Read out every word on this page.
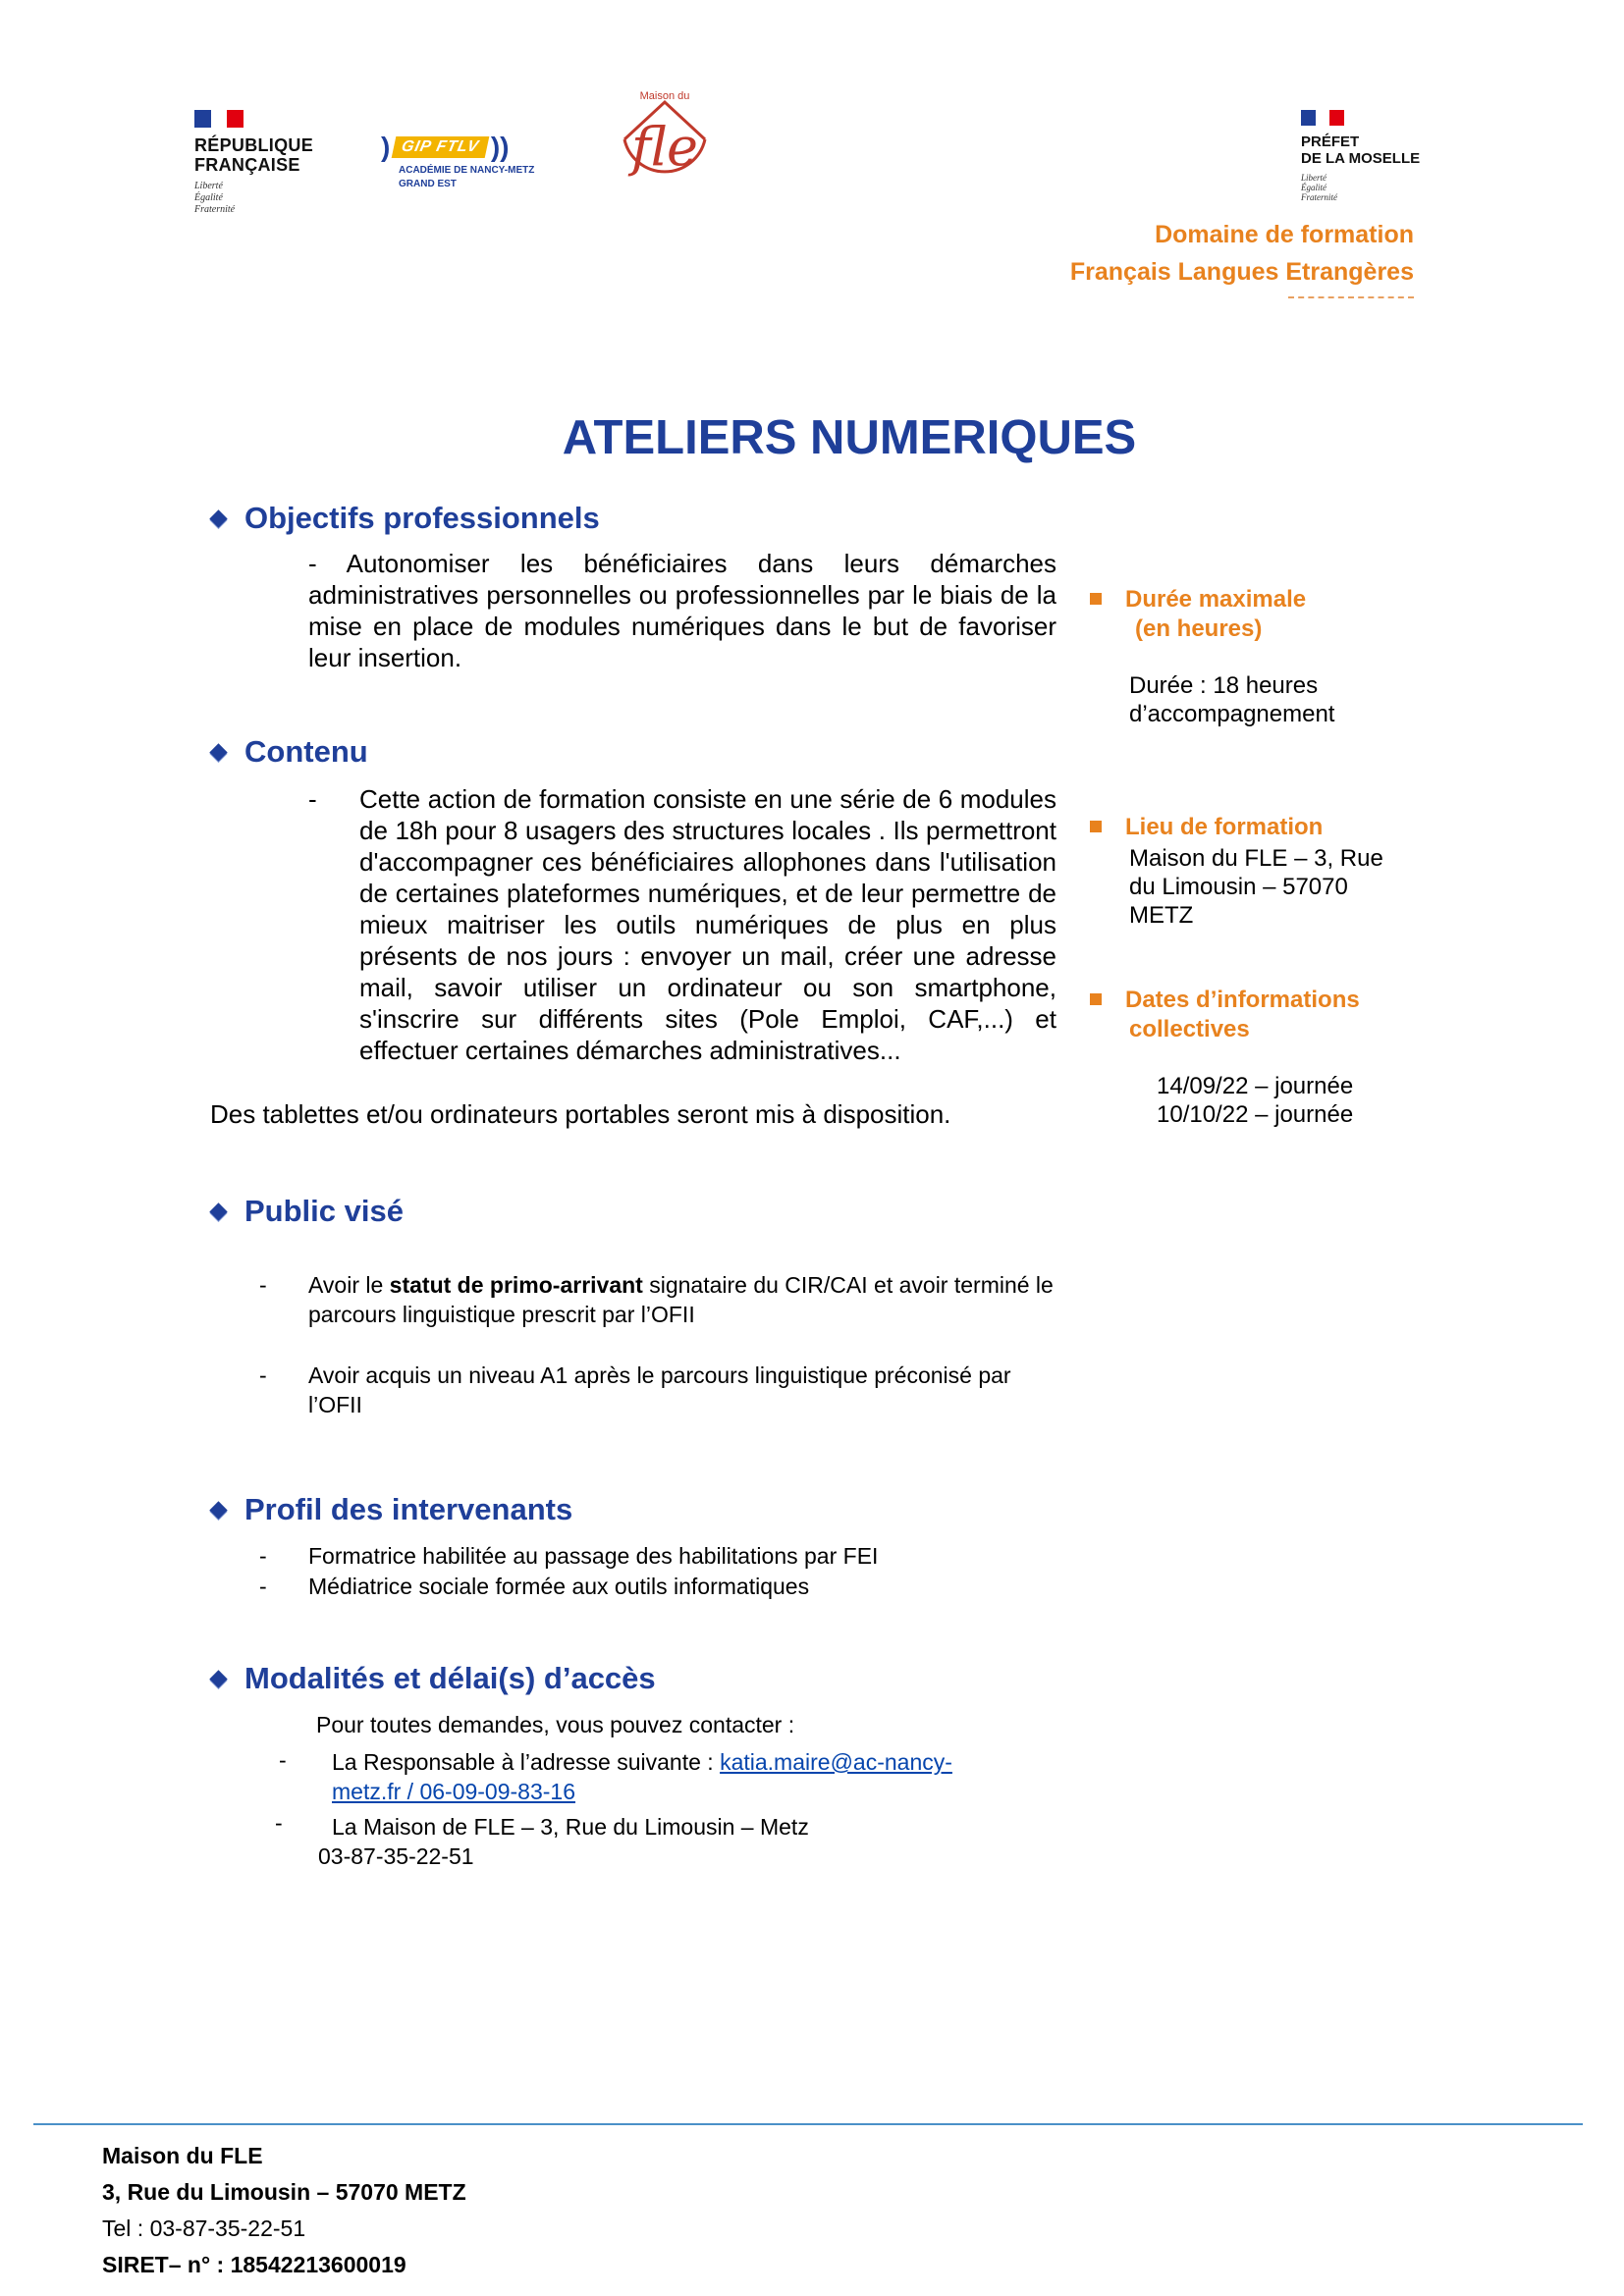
RÉPUBLIQUE
FRANÇAISE
Liberté
Égalité
Fraternité
) GIP FTLV ))
ACADÉMIE DE NANCY-METZ
GRAND EST
Maison du
fle	PRÉFET
DE LA MOSELLE
Liberté
Égalité
Fraternité
Domaine de formation
Français Langues Etrangères
ATELIERS NUMERIQUES
Objectifs professionnels
- Autonomiser les bénéficiaires dans leurs démarches administratives personnelles ou professionnelles par le biais de la mise en place de modules numériques dans le but de favoriser leur insertion.
Contenu
- Cette action de formation consiste en une série de 6 modules de 18h pour 8 usagers des structures locales . Ils permettront d'accompagner ces bénéficiaires allophones dans l'utilisation de certaines plateformes numériques, et de leur permettre de mieux maitriser les outils numériques de plus en plus présents de nos jours : envoyer un mail, créer une adresse mail, savoir utiliser un ordinateur ou son smartphone, s'inscrire sur différents sites (Pole Emploi, CAF,...) et effectuer certaines démarches administratives...
Des tablettes et/ou ordinateurs portables seront mis à disposition.
Public visé
- Avoir le statut de primo-arrivant signataire du CIR/CAI et avoir terminé le parcours linguistique prescrit par l’OFII
- Avoir acquis un niveau A1 après le parcours linguistique préconisé par l’OFII
Profil des intervenants
- Formatrice habilitée au passage des habilitations par FEI
- Médiatrice sociale formée aux outils informatiques
Modalités et délai(s) d’accès
Pour toutes demandes, vous pouvez contacter :
- La Responsable à l’adresse suivante : katia.maire@ac-nancy-
metz.fr / 06-09-09-83-16
- La Maison de FLE – 3, Rue du Limousin – Metz
03-87-35-22-51
Durée maximale
(en heures)
Durée : 18 heures
d’accompagnement
Lieu de formation
Maison du FLE – 3, Rue
du Limousin – 57070
METZ
Dates d’informations
collectives
14/09/22 – journée
10/10/22 – journée
Maison du FLE
3, Rue du Limousin – 57070 METZ
Tel : 03-87-35-22-51
SIRET– n° : 18542213600019
